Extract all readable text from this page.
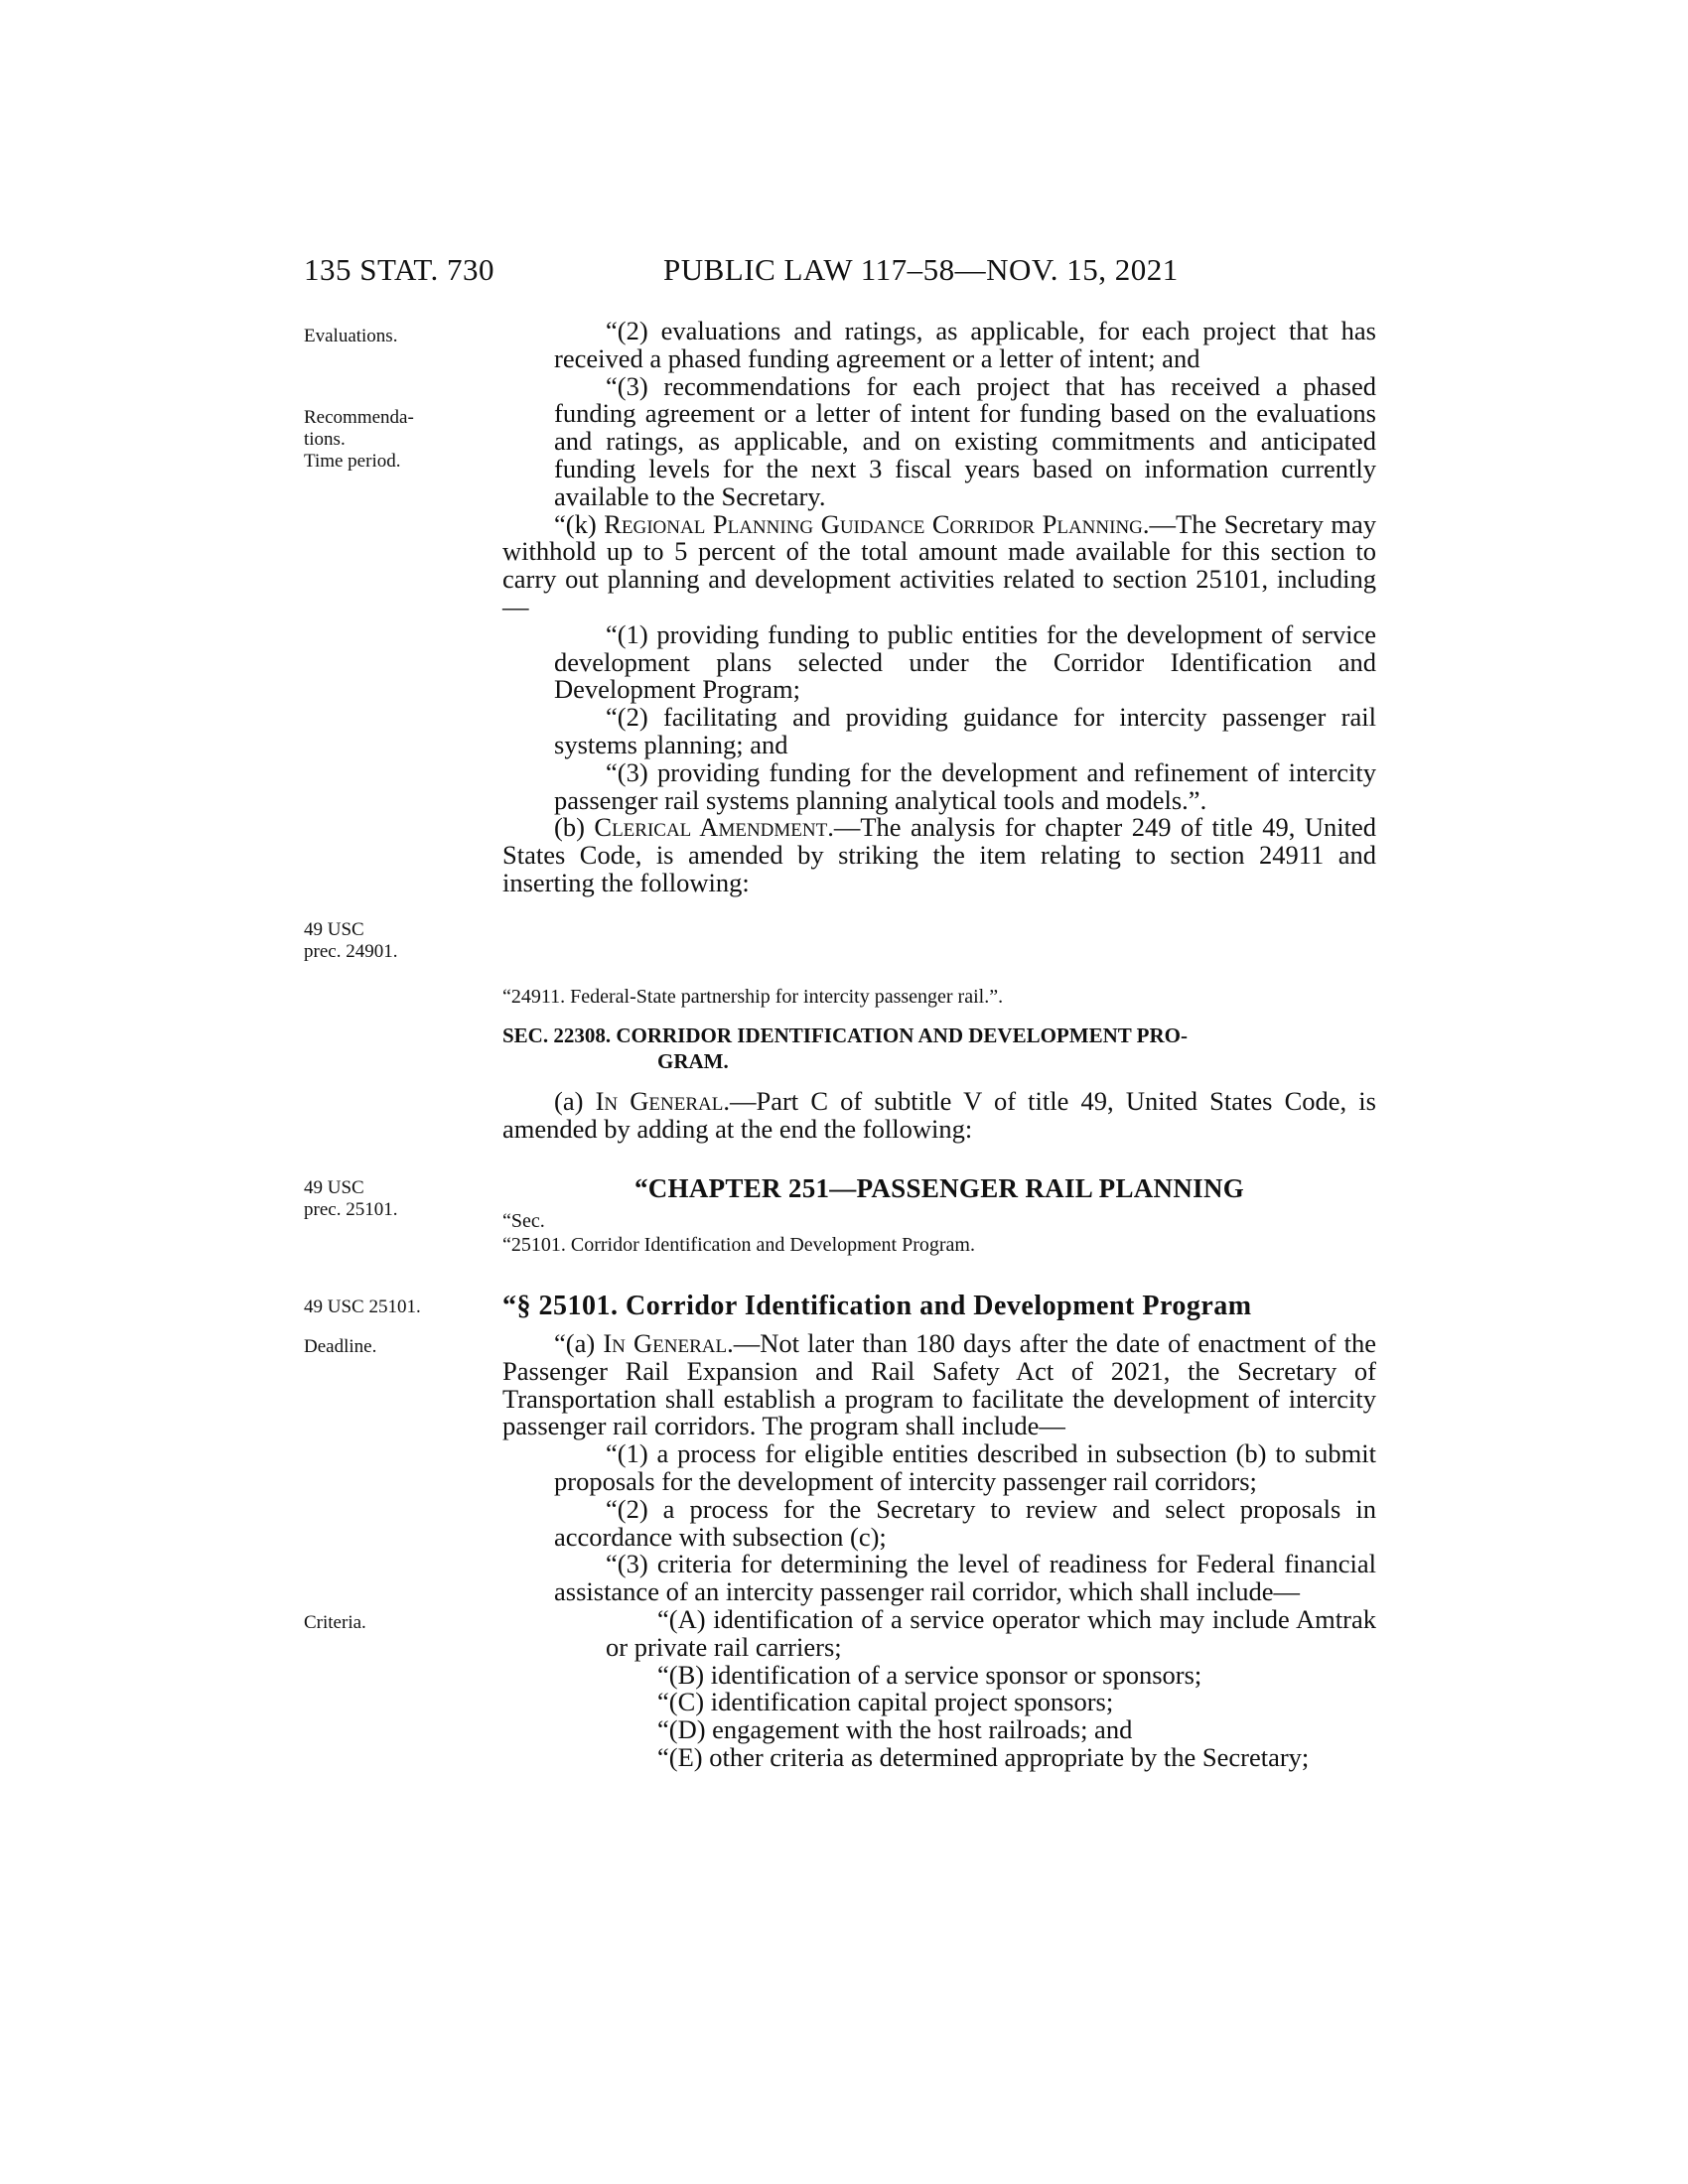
135 STAT. 730	PUBLIC LAW 117–58—NOV. 15, 2021
Evaluations.
Recommenda-
tions.
Time period.
49 USC
prec. 24901.
49 USC
prec. 25101.
49 USC 25101.
Deadline.
Criteria.

“(2) evaluations and ratings, as applicable, for each project that has received a phased funding agreement or a letter of intent; and

“(3) recommendations for each project that has received a phased funding agreement or a letter of intent for funding based on the evaluations and ratings, as applicable, and on existing commitments and anticipated funding levels for the next 3 fiscal years based on information currently available to the Secretary.

“(k) Regional Planning Guidance Corridor Planning.—The Secretary may withhold up to 5 percent of the total amount made available for this section to carry out planning and development activities related to section 25101, including—

“(1) providing funding to public entities for the development of service development plans selected under the Corridor Identification and Development Program;

“(2) facilitating and providing guidance for intercity passenger rail systems planning; and

“(3) providing funding for the development and refinement of intercity passenger rail systems planning analytical tools and models.”.

(b) Clerical Amendment.—The analysis for chapter 249 of title 49, United States Code, is amended by striking the item relating to section 24911 and inserting the following:

“24911. Federal-State partnership for intercity passenger rail.”.
SEC. 22308. CORRIDOR IDENTIFICATION AND DEVELOPMENT PRO-
GRAM.

(a) In General.—Part C of subtitle V of title 49, United States Code, is amended by adding at the end the following:

“CHAPTER 251—PASSENGER RAIL PLANNING
“Sec.
“25101. Corridor Identification and Development Program.
“§ 25101. Corridor Identification and Development Program

“(a) In General.—Not later than 180 days after the date of enactment of the Passenger Rail Expansion and Rail Safety Act of 2021, the Secretary of Transportation shall establish a program to facilitate the development of intercity passenger rail corridors. The program shall include—

“(1) a process for eligible entities described in subsection (b) to submit proposals for the development of intercity passenger rail corridors;

“(2) a process for the Secretary to review and select proposals in accordance with subsection (c);

“(3) criteria for determining the level of readiness for Federal financial assistance of an intercity passenger rail corridor, which shall include—

“(A) identification of a service operator which may include Amtrak or private rail carriers;

“(B) identification of a service sponsor or sponsors;

“(C) identification capital project sponsors;

“(D) engagement with the host railroads; and

“(E) other criteria as determined appropriate by the Secretary;
